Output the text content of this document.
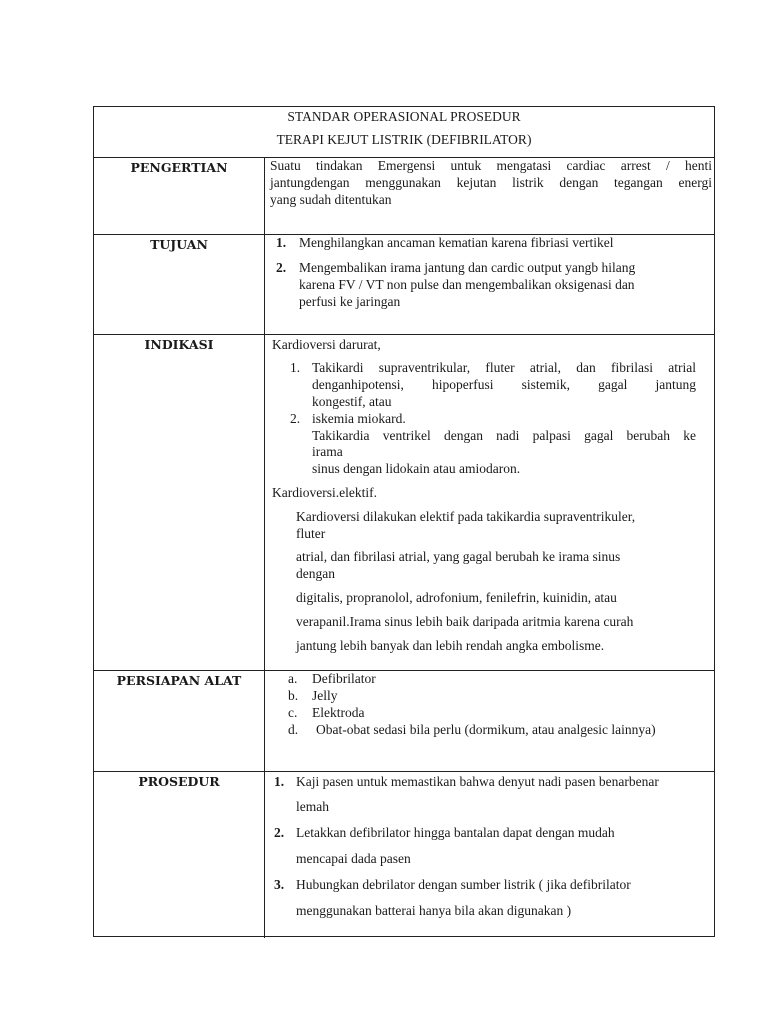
STANDAR OPERASIONAL PROSEDUR
TERAPI KEJUT LISTRIK (DEFIBRILATOR)
PENGERTIAN	Suatu tindakan Emergensi untuk mengatasi cardiac arrest / henti
jantungdengan menggunakan kejutan listrik dengan tegangan energi
yang sudah ditentukan
TUJUAN	1. Menghilangkan ancaman kematian karena fibriasi vertikel
2. Mengembalikan irama jantung dan cardic output yangb hilang
karena FV / VT non pulse dan mengembalikan oksigenasi dan
perfusi ke jaringan
INDIKASI	Kardioversi darurat,
1. Takikardi supraventrikular, fluter atrial, dan fibrilasi atrial
denganhipotensi, hipoperfusi sistemik, gagal jantung
kongestif, atau
2. iskemia miokard.
Takikardia ventrikel dengan nadi palpasi gagal berubah ke
irama
sinus dengan lidokain atau amiodaron.
Kardioversi.elektif.
Kardioversi dilakukan elektif pada takikardia supraventrikuler,
fluter
atrial, dan fibrilasi atrial, yang gagal berubah ke irama sinus
dengan
digitalis, propranolol, adrofonium, fenilefrin, kuinidin, atau
verapanil.Irama sinus lebih baik daripada aritmia karena curah
jantung lebih banyak dan lebih rendah angka embolisme.
PERSIAPAN ALAT	a. Defibrilator
b. Jelly
c. Elektroda
d. Obat-obat sedasi bila perlu (dormikum, atau analgesic lainnya)
PROSEDUR	1. Kaji pasen untuk memastikan bahwa denyut nadi pasen benarbenar
lemah
2. Letakkan defibrilator hingga bantalan dapat dengan mudah
mencapai dada pasen
3. Hubungkan debrilator dengan sumber listrik ( jika defibrilator
menggunakan batterai hanya bila akan digunakan )
